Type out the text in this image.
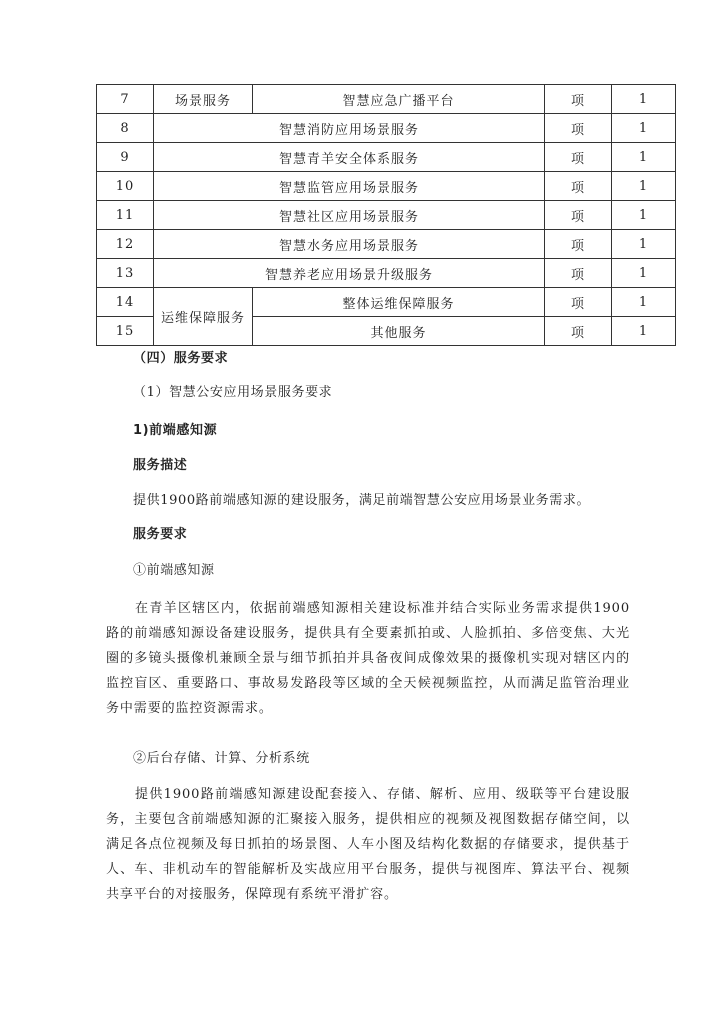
7	场景服务	智慧应急广播平台	项	1
8	智慧消防应用场景服务		项	1
9	智慧青羊安全体系服务		项	1
10	智慧监管应用场景服务		项	1
11	智慧社区应用场景服务		项	1
12	智慧水务应用场景服务		项	1
13	智慧养老应用场景升级服务		项	1
14	运维保障服务	整体运维保障服务	项	1
15		其他服务	项	1
（四）服务要求
（1）智慧公安应用场景服务要求
1)前端感知源
服务描述
提供1900路前端感知源的建设服务，满足前端智慧公安应用场景业务需求。
服务要求
①前端感知源

在青羊区辖区内，依据前端感知源相关建设标准并结合实际业务需求提供1900路的前端感知源设备建设服务，提供具有全要素抓拍或、人脸抓拍、多倍变焦、大光圈的多镜头摄像机兼顾全景与细节抓拍并具备夜间成像效果的摄像机实现对辖区内的监控盲区、重要路口、事故易发路段等区域的全天候视频监控，从而满足监管治理业务中需要的监控资源需求。

②后台存储、计算、分析系统

提供1900路前端感知源建设配套接入、存储、解析、应用、级联等平台建设服务，主要包含前端感知源的汇聚接入服务，提供相应的视频及视图数据存储空间，以满足各点位视频及每日抓拍的场景图、人车小图及结构化数据的存储要求，提供基于人、车、非机动车的智能解析及实战应用平台服务，提供与视图库、算法平台、视频共享平台的对接服务，保障现有系统平滑扩容。
